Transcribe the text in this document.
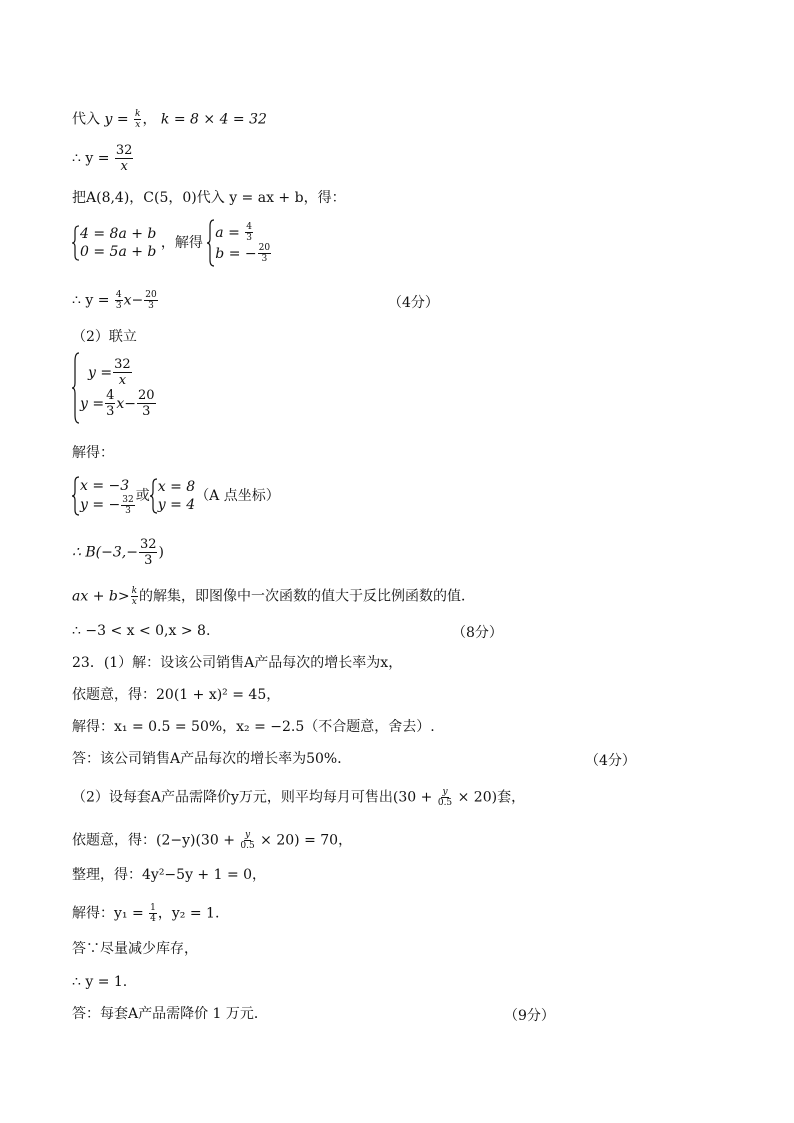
代入 $y = \frac{k}{x}$ ， k = 8 × 4 = 32
∴ $y = \frac{32}{x}$
把A(8,4)，C(5，0)代入 y = ax + b，得：
4 = 8a + b
0 = 5a + b
，解得
a =
$\frac{4}{3}$
b = − $\frac{20}{3}$
∴ $y = \frac{4}{3} x- \frac{20}{3}$	（4分）
（2）联立
$y = \frac{32}{x}$
$y = \frac{4}{3} x- \frac{20}{3}$
解得：
x = −3
y = − $\frac{32}{3}$ 或
x = 8
y = 4
（A 点坐标）
∴ $B(-3,- \frac{32}{3}$ )
ax + $b> \frac{k}{x}$ 的解集，即图像中一次函数的值大于反比例函数的值．
∴ −3 < x < 0,x > 8.	（8分）
23．(1）解：设该公司销售A产品每次的增长率为x，
依题意，得：20(1 + x)² = 45，
解得：x₁ = 0.5 = 50%，x₂ = −2.5（不合题意，舍去）.
答：该公司销售A产品每次的增长率为50%．	（4分）
（2）设每套A产品需降价y万元，则平均每月可售出$(30 + \frac{y}{0.5} \times 20)$套，
依题意，得：$(2-y)(30 + \frac{y}{0.5} \times 20) = 70$，
整理，得：4y²−5y + 1 = 0，
解得：$y_1 = \frac{1}{4}$ ，y₂ = 1.
答∵尽量减少库存，
∴ y = 1.
答：每套A产品需降价 1 万元．	（9分）
